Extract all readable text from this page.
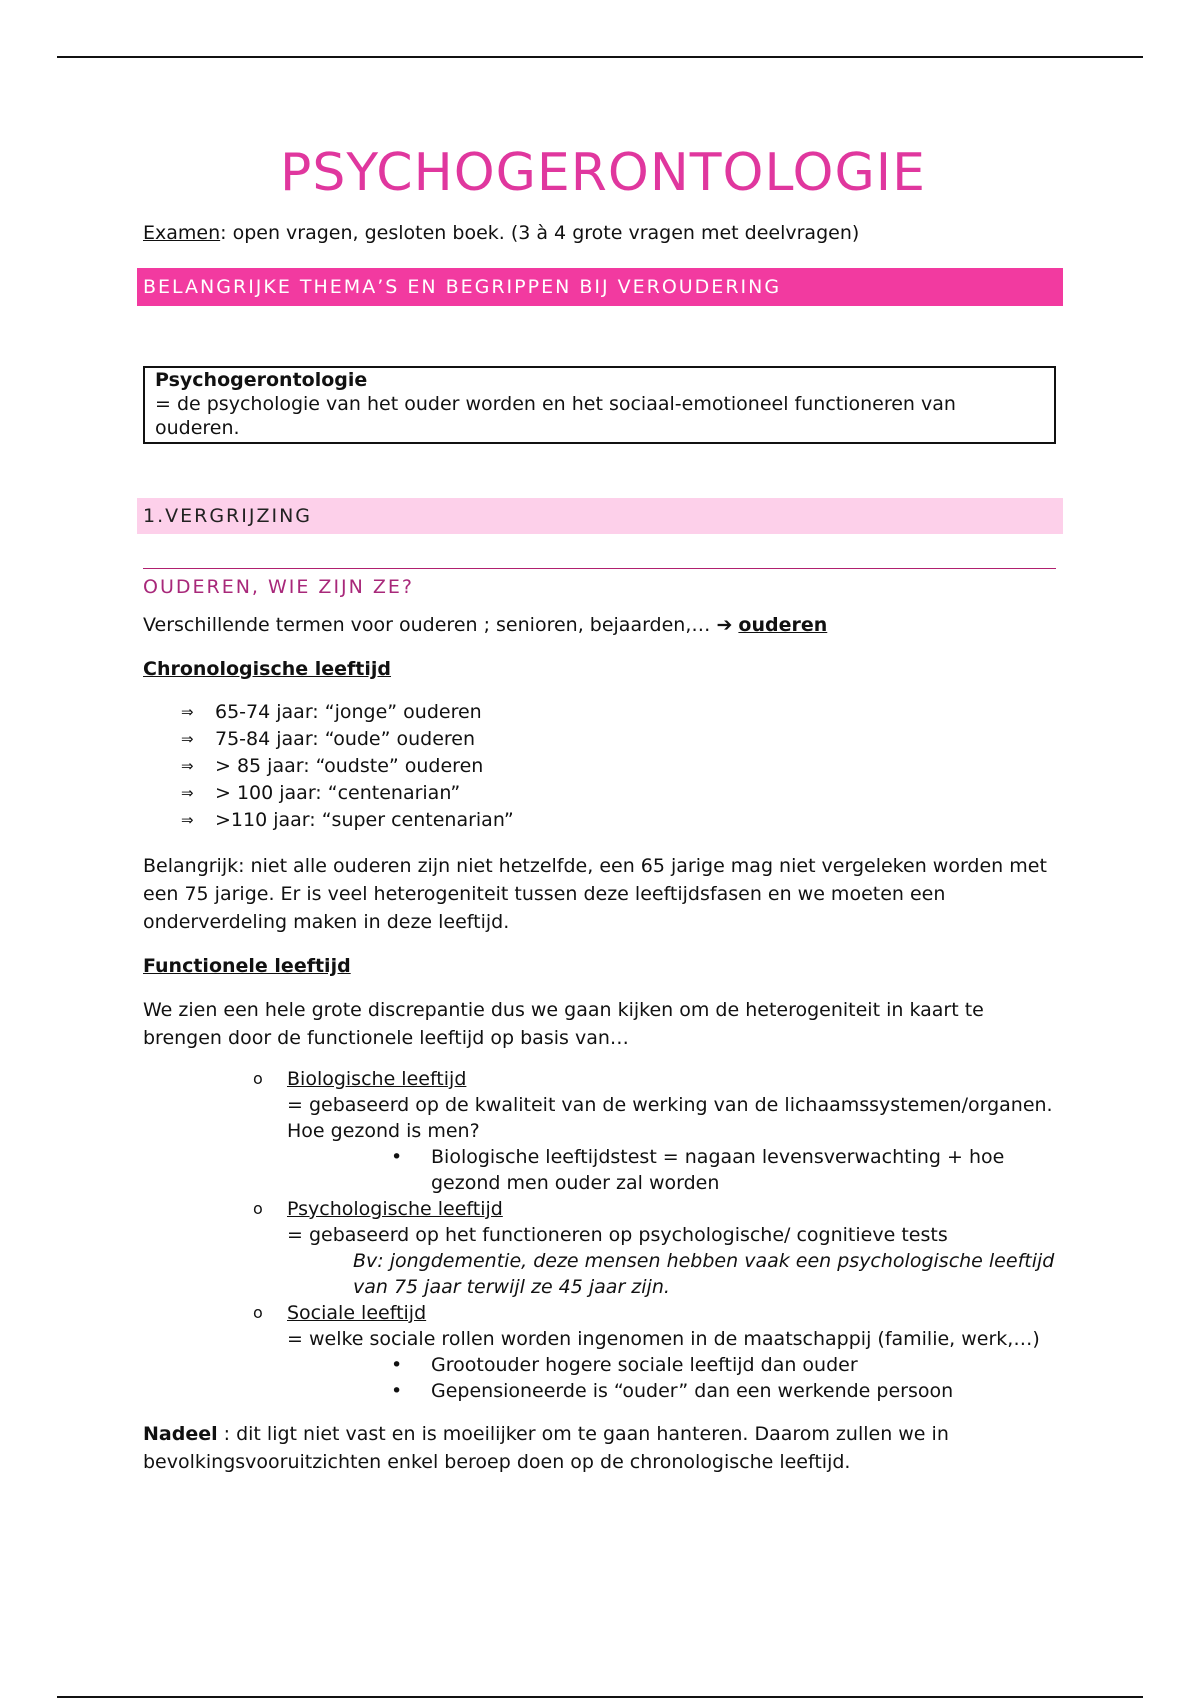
PSYCHOGERONTOLOGIE
Examen: open vragen, gesloten boek. (3 à 4 grote vragen met deelvragen)
BELANGRIJKE THEMA’S EN BEGRIPPEN BIJ VEROUDERING
Psychogerontologie
= de psychologie van het ouder worden en het sociaal-emotioneel functioneren van ouderen.
1.VERGRIJZING
OUDEREN, WIE ZIJN ZE?
Verschillende termen voor ouderen ; senioren, bejaarden,… ➔ ouderen
Chronologische leeftijd
⇒ 65-74 jaar: “jonge” ouderen
⇒ 75-84 jaar: “oude” ouderen
⇒ > 85 jaar: “oudste” ouderen
⇒ > 100 jaar: “centenarian”
⇒ >110 jaar: “super centenarian”
Belangrijk: niet alle ouderen zijn niet hetzelfde, een 65 jarige mag niet vergeleken worden met een 75 jarige. Er is veel heterogeniteit tussen deze leeftijdsfasen en we moeten een onderverdeling maken in deze leeftijd.
Functionele leeftijd
We zien een hele grote discrepantie dus we gaan kijken om de heterogeniteit in kaart te brengen door de functionele leeftijd op basis van…
o Biologische leeftijd
= gebaseerd op de kwaliteit van de werking van de lichaamssystemen/organen. Hoe gezond is men?
• Biologische leeftijdstest = nagaan levensverwachting + hoe gezond men ouder zal worden
o Psychologische leeftijd
= gebaseerd op het functioneren op psychologische/ cognitieve tests
Bv: jongdementie, deze mensen hebben vaak een psychologische leeftijd van 75 jaar terwijl ze 45 jaar zijn.
o Sociale leeftijd
= welke sociale rollen worden ingenomen in de maatschappij (familie, werk,…)
• Grootouder hogere sociale leeftijd dan ouder
• Gepensioneerde is “ouder” dan een werkende persoon
Nadeel : dit ligt niet vast en is moeilijker om te gaan hanteren. Daarom zullen we in bevolkingsvooruitzichten enkel beroep doen op de chronologische leeftijd.
